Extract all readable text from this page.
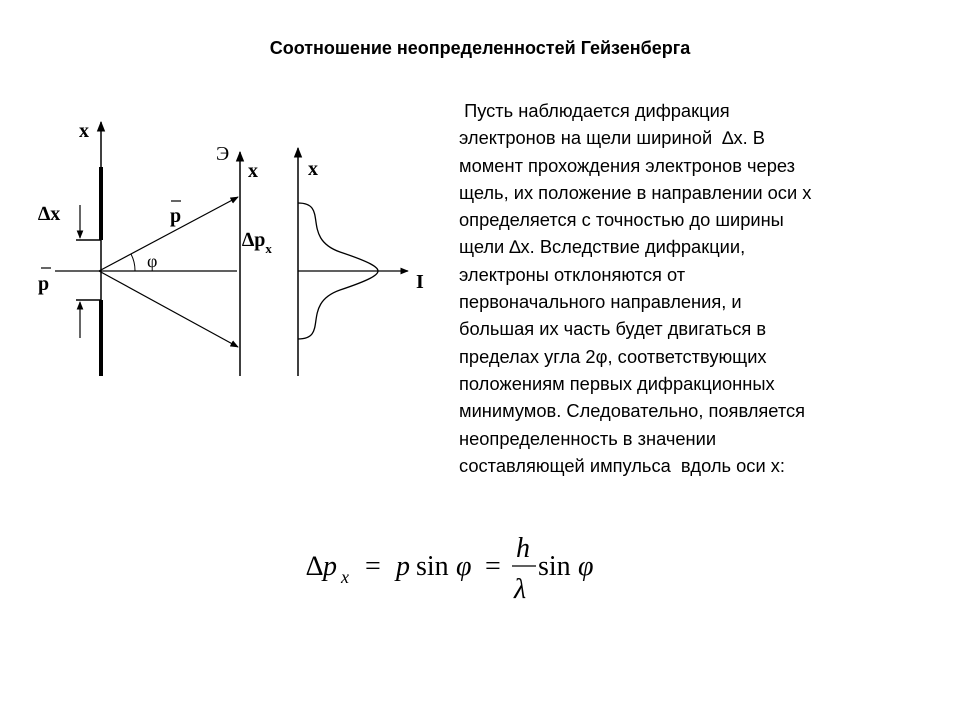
Соотношение неопределенностей Гейзенберга
Пусть наблюдается дифракция
электронов на щели шириной  ∆x. В
момент прохождения электронов через
щель, их положение в направлении оси x
определяется с точностью до ширины
щели ∆x. Вследствие дифракции,
электроны отклоняются от
первоначального направления, и
большая их часть будет двигаться в
пределах угла 2φ, соответствующих
положениям первых дифракционных
минимумов. Следовательно, появляется
неопределенность в значении
составляющей импульса  вдоль оси x:
x
∆x
p
p
φ
Э
x
$\Delta p_x$
x
I
∆ p x = p sin φ =
h
λ
sin φ
